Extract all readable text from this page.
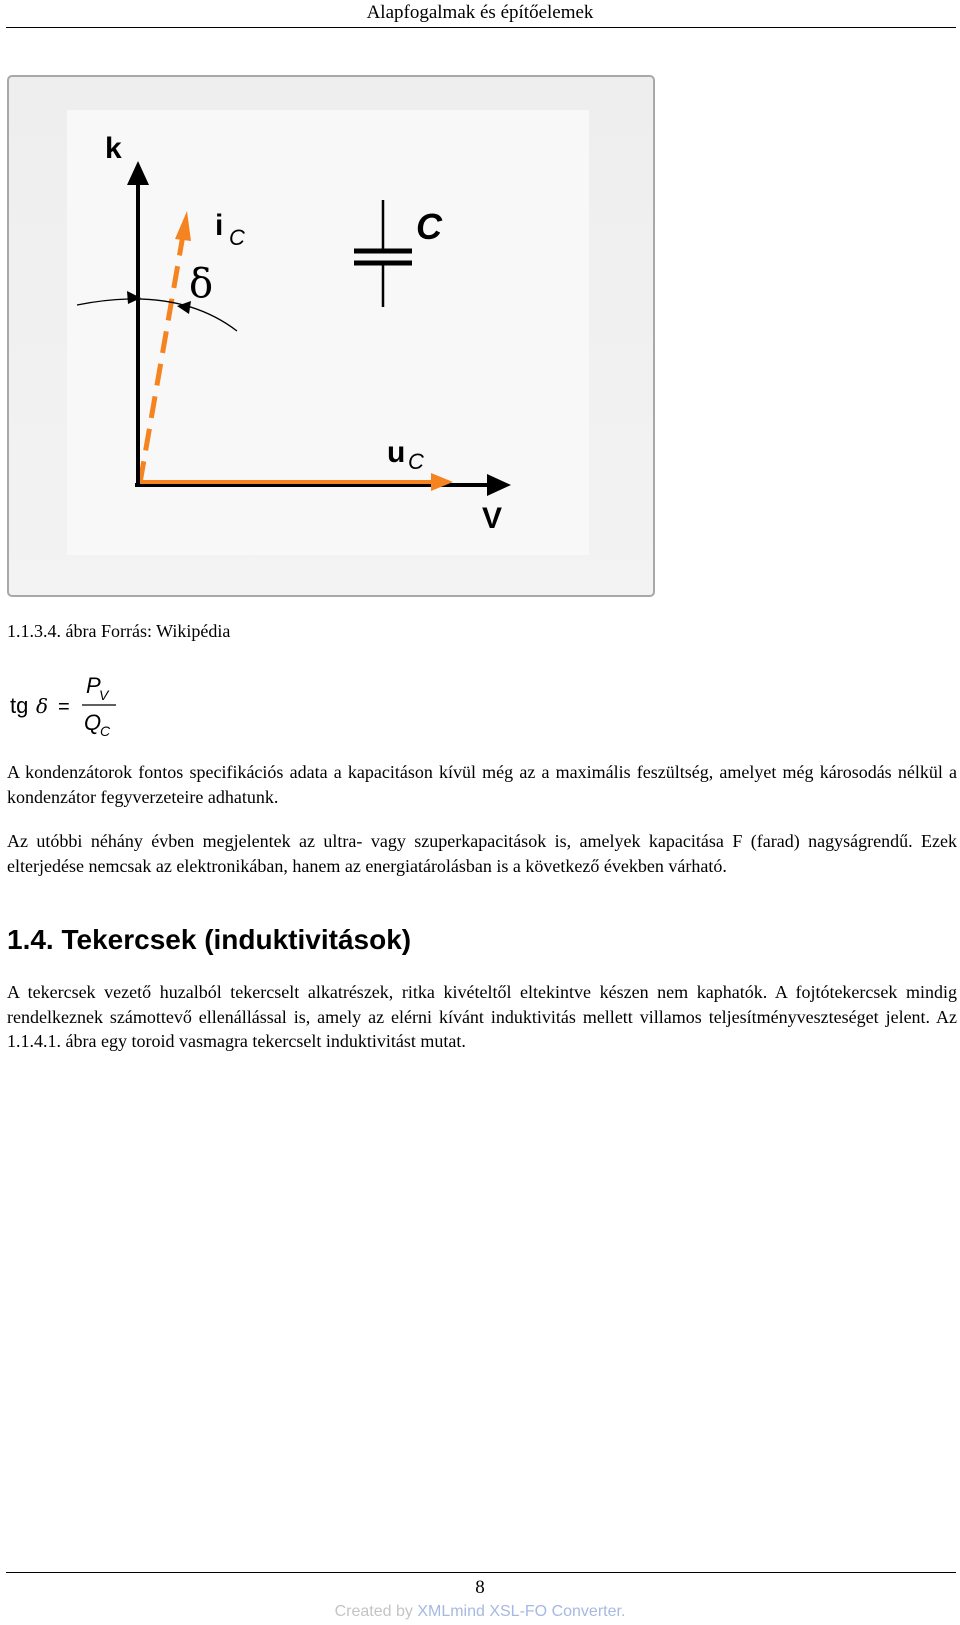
Alapfogalmak és építőelemek
k
V
i C
δ
C
u C
1.1.3.4. ábra Forrás: Wikipédia
tg δ =
P
V
Q
C

A kondenzátorok fontos specifikációs adata a kapacitáson kívül még az a maximális feszültség, amelyet még károsodás nélkül a kondenzátor fegyverzeteire adhatunk.

Az utóbbi néhány évben megjelentek az ultra- vagy szuperkapacitások is, amelyek kapacitása F (farad) nagyságrendű. Ezek elterjedése nemcsak az elektronikában, hanem az energiatárolásban is a következő években várható.

1.4. Tekercsek (induktivitások)

A tekercsek vezető huzalból tekercselt alkatrészek, ritka kivételtől eltekintve készen nem kaphatók. A fojtótekercsek mindig rendelkeznek számottevő ellenállással is, amely az elérni kívánt induktivitás mellett villamos teljesítményveszteséget jelent. Az 1.1.4.1. ábra egy toroid vasmagra tekercselt induktivitást mutat.

8
Created by XMLmind XSL-FO Converter.
